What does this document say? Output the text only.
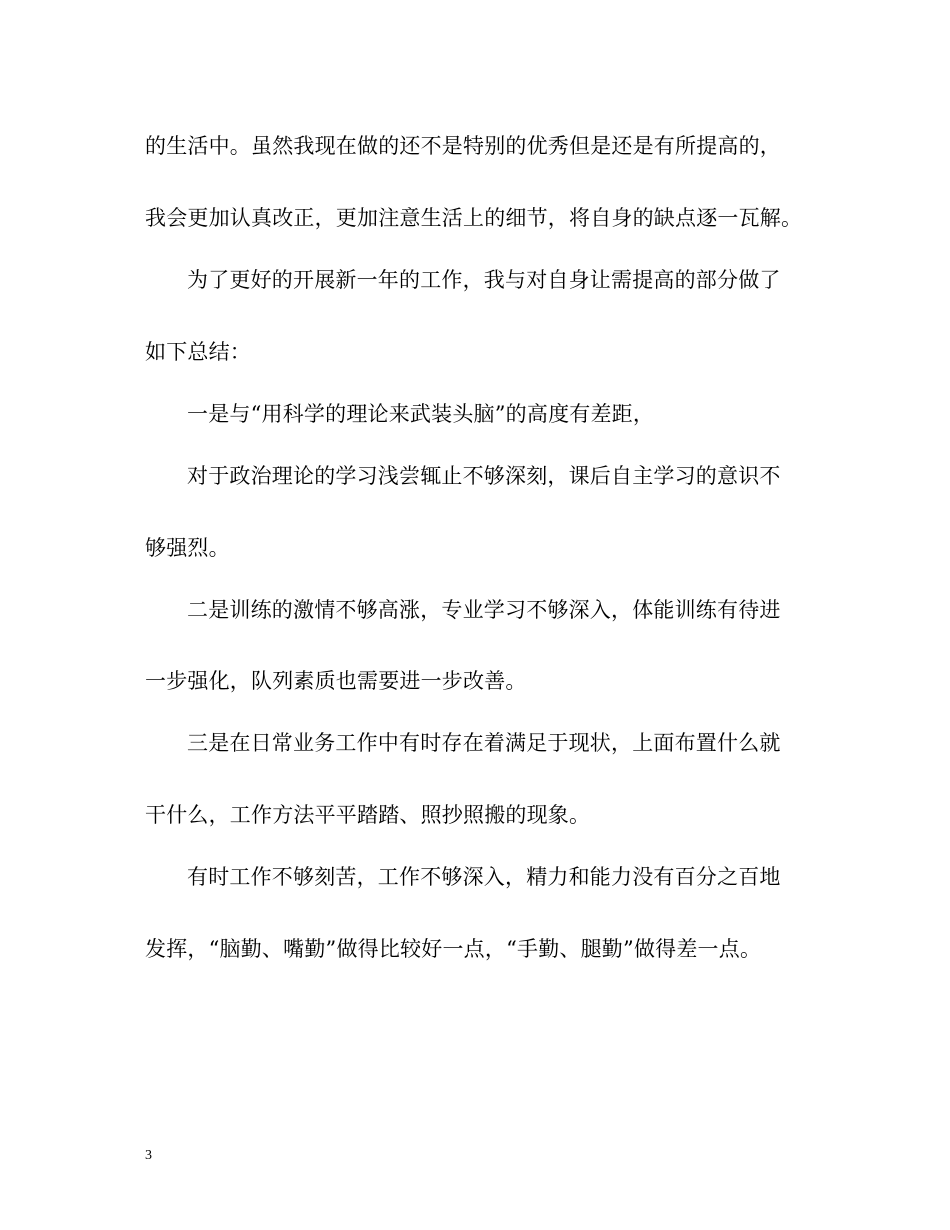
的生活中。虽然我现在做的还不是特别的优秀但是还是有所提高的，
我会更加认真改正，更加注意生活上的细节，将自身的缺点逐一瓦解。
为了更好的开展新一年的工作，我与对自身让需提高的部分做了
如下总结：
一是与“用科学的理论来武装头脑”的高度有差距，
对于政治理论的学习浅尝辄止不够深刻，课后自主学习的意识不
够强烈。
二是训练的激情不够高涨，专业学习不够深入，体能训练有待进
一步强化，队列素质也需要进一步改善。
三是在日常业务工作中有时存在着满足于现状，上面布置什么就
干什么，工作方法平平踏踏、照抄照搬的现象。
有时工作不够刻苦，工作不够深入，精力和能力没有百分之百地
发挥，“脑勤、嘴勤”做得比较好一点，“手勤、腿勤”做得差一点。
3
